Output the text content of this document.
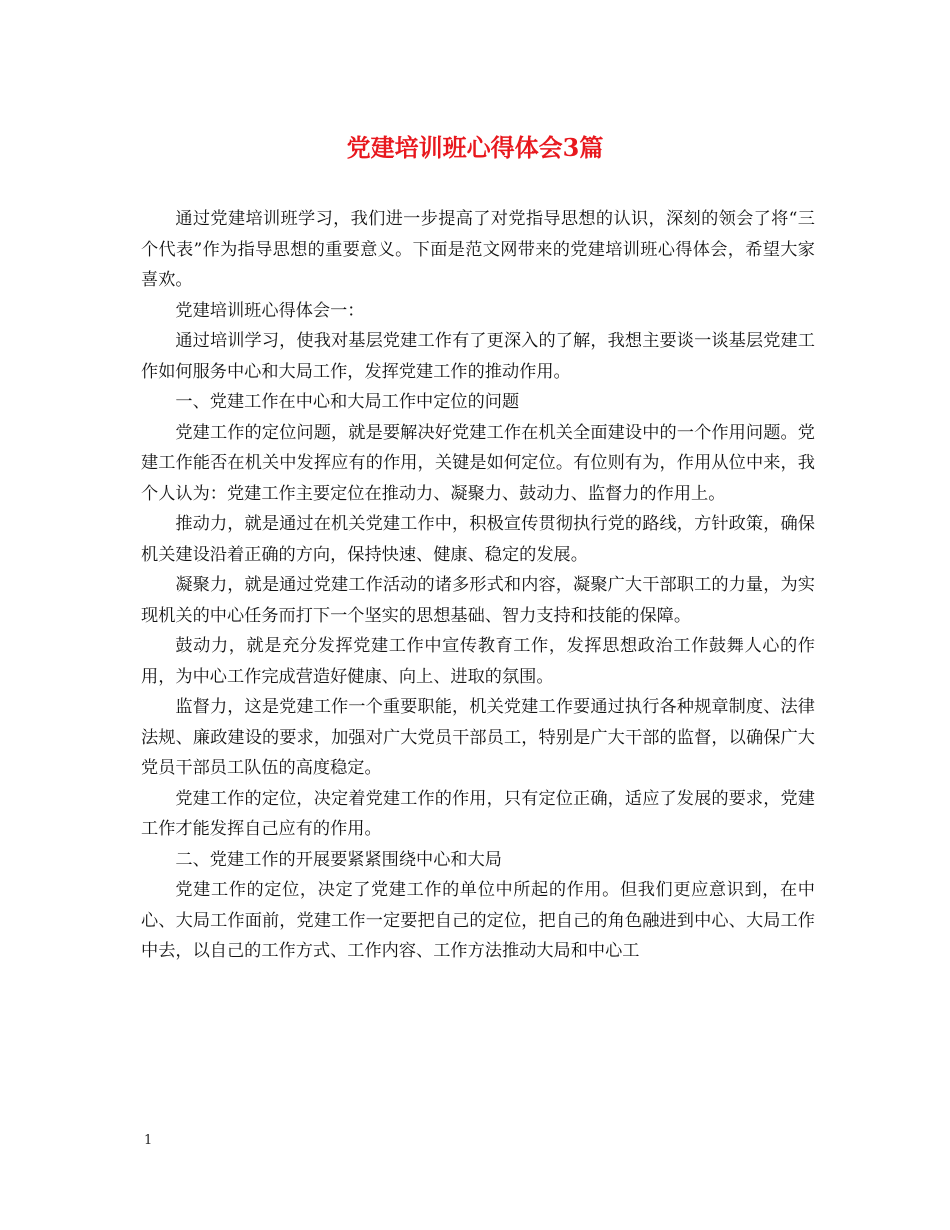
党建培训班心得体会3篇

通过党建培训班学习，我们进一步提高了对党指导思想的认识，深刻的领会了将“三个代表”作为指导思想的重要意义。下面是范文网带来的党建培训班心得体会，希望大家喜欢。

党建培训班心得体会一：

通过培训学习，使我对基层党建工作有了更深入的了解，我想主要谈一谈基层党建工作如何服务中心和大局工作，发挥党建工作的推动作用。

一、党建工作在中心和大局工作中定位的问题

党建工作的定位问题，就是要解决好党建工作在机关全面建设中的一个作用问题。党建工作能否在机关中发挥应有的作用，关键是如何定位。有位则有为，作用从位中来，我个人认为：党建工作主要定位在推动力、凝聚力、鼓动力、监督力的作用上。

推动力，就是通过在机关党建工作中，积极宣传贯彻执行党的路线，方针政策，确保机关建设沿着正确的方向，保持快速、健康、稳定的发展。

凝聚力，就是通过党建工作活动的诸多形式和内容，凝聚广大干部职工的力量，为实现机关的中心任务而打下一个坚实的思想基础、智力支持和技能的保障。

鼓动力，就是充分发挥党建工作中宣传教育工作，发挥思想政治工作鼓舞人心的作用，为中心工作完成营造好健康、向上、进取的氛围。

监督力，这是党建工作一个重要职能，机关党建工作要通过执行各种规章制度、法律法规、廉政建设的要求，加强对广大党员干部员工，特别是广大干部的监督，以确保广大党员干部员工队伍的高度稳定。

党建工作的定位，决定着党建工作的作用，只有定位正确，适应了发展的要求，党建工作才能发挥自己应有的作用。

二、党建工作的开展要紧紧围绕中心和大局

党建工作的定位，决定了党建工作的单位中所起的作用。但我们更应意识到，在中心、大局工作面前，党建工作一定要把自己的定位，把自己的角色融进到中心、大局工作中去，以自己的工作方式、工作内容、工作方法推动大局和中心工

1
